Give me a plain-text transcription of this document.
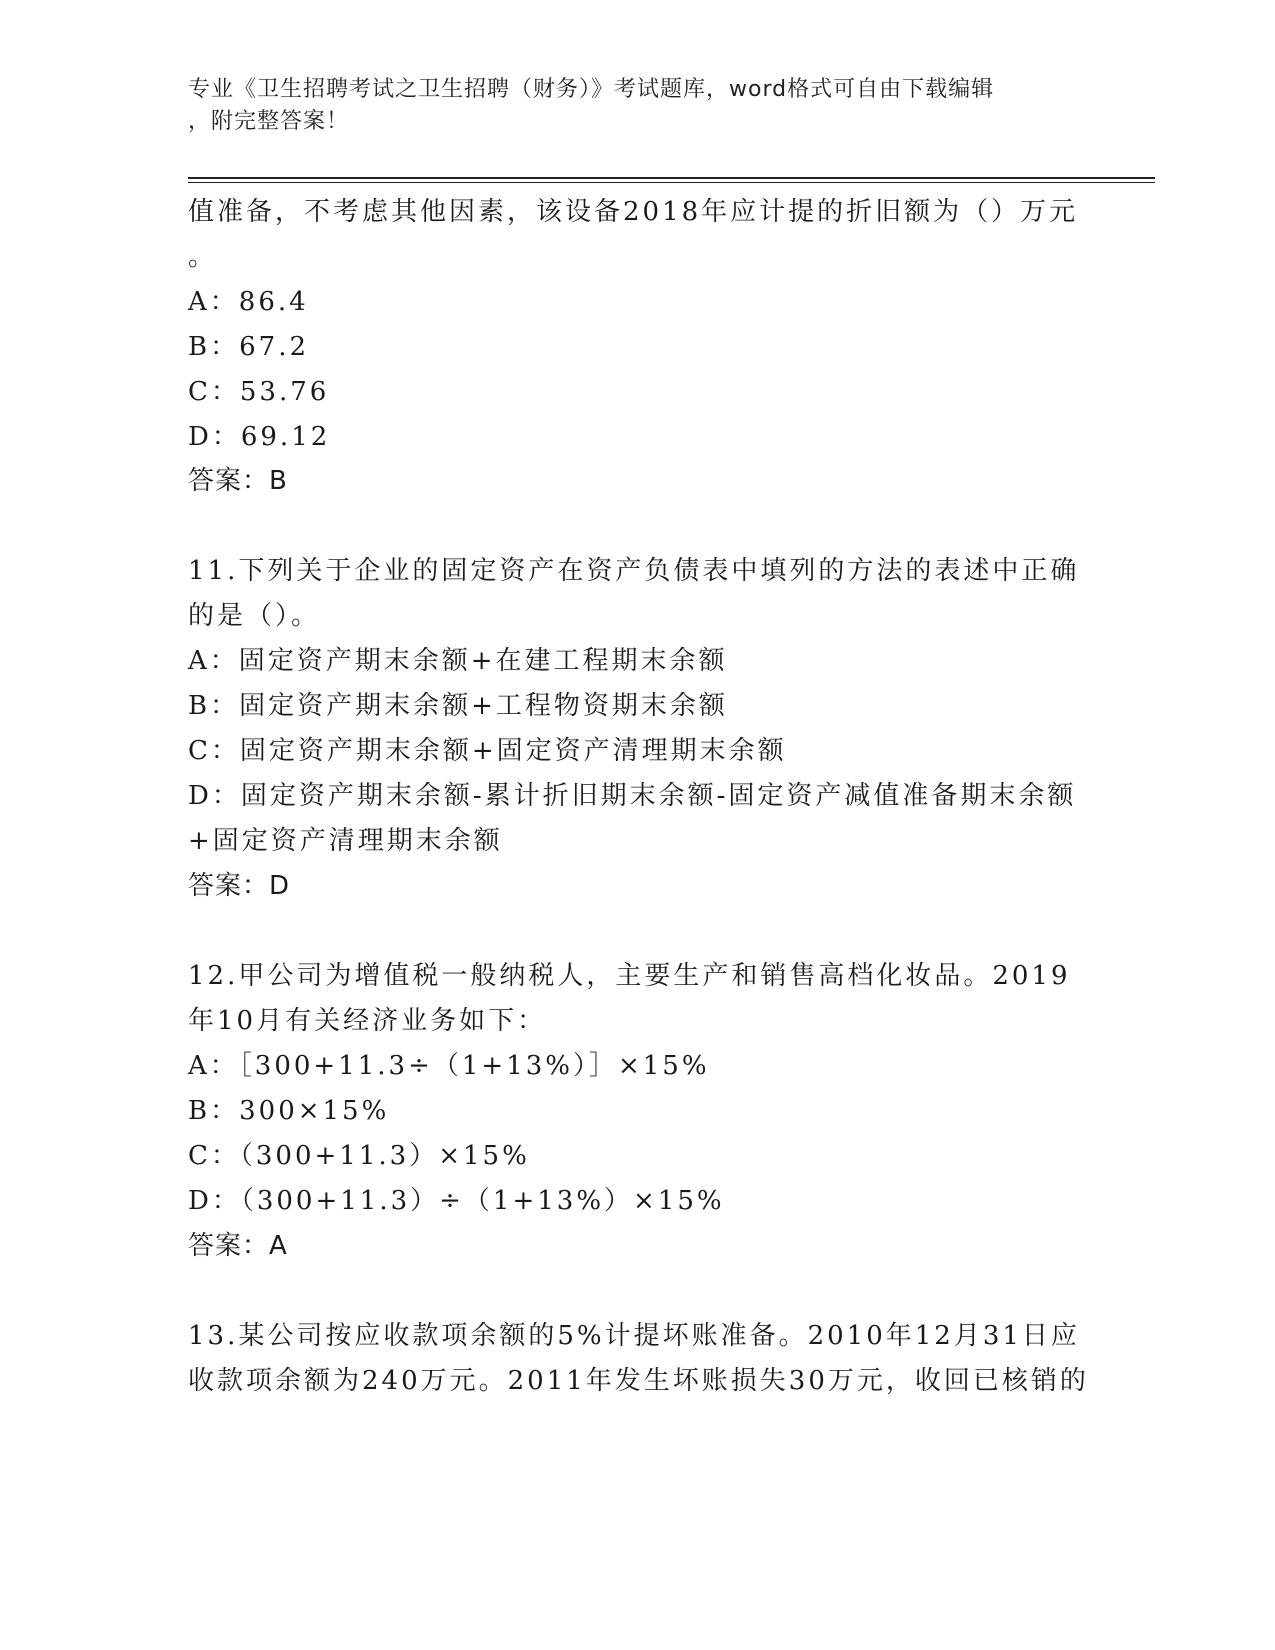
专业《卫生招聘考试之卫生招聘（财务）》考试题库，word格式可自由下载编辑
，附完整答案！
值准备，不考虑其他因素，该设备2018年应计提的折旧额为（）万元
。
A：86.4
B：67.2
C：53.76
D：69.12
答案：B
11.下列关于企业的固定资产在资产负债表中填列的方法的表述中正确
的是（）。
A：固定资产期末余额+在建工程期末余额
B：固定资产期末余额+工程物资期末余额
C：固定资产期末余额+固定资产清理期末余额
D：固定资产期末余额-累计折旧期末余额-固定资产减值准备期末余额
+固定资产清理期末余额
答案：D
12.甲公司为增值税一般纳税人，主要生产和销售高档化妆品。2019
年10月有关经济业务如下：
A：［300+11.3÷（1+13%）］×15%
B：300×15%
C：（300+11.3）×15%
D：（300+11.3）÷（1+13%）×15%
答案：A
13.某公司按应收款项余额的5%计提坏账准备。2010年12月31日应
收款项余额为240万元。2011年发生坏账损失30万元，收回已核销的
